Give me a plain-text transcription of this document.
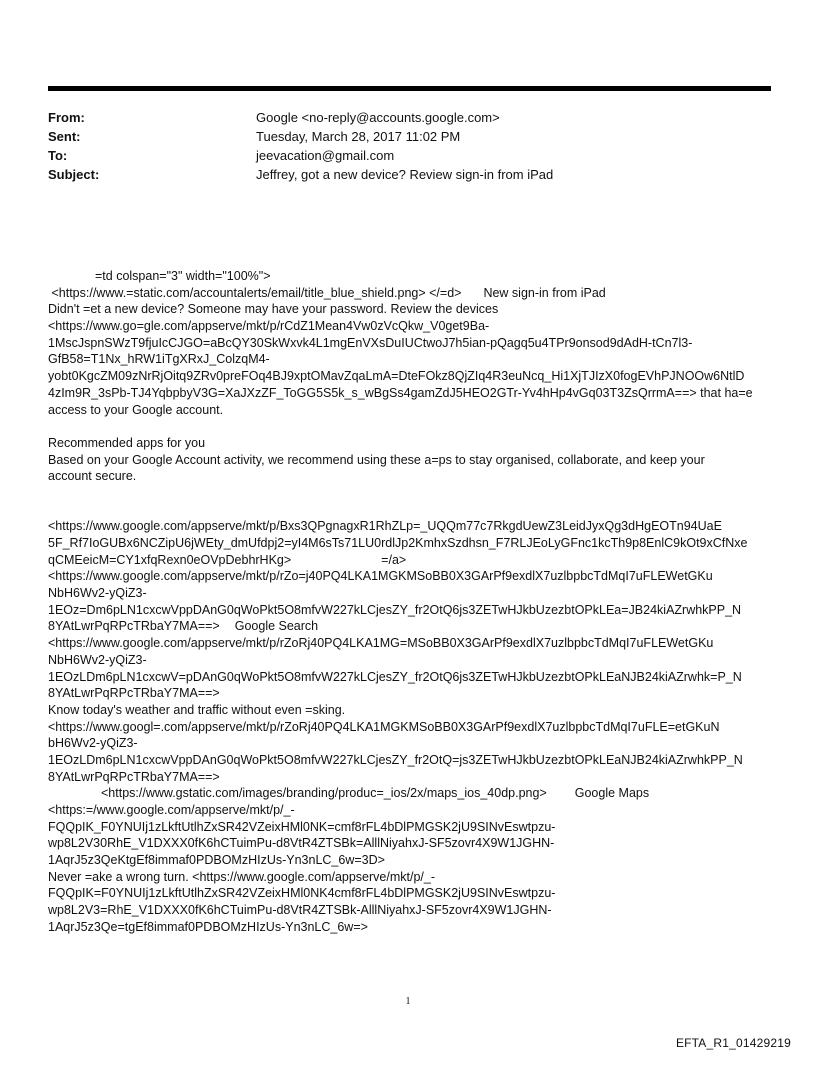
From:	Google <no-reply@accounts.google.com>
Sent:	Tuesday, March 28, 2017 11:02 PM
To:	jeevacation@gmail.com
Subject:	Jeffrey, got a new device? Review sign-in from iPad
=td colspan="3" width="100%">
<https://www.=static.com/accountalerts/email/title_blue_shield.png> </=d> New sign-in from iPad
Didn't =et a new device? Someone may have your password. Review the devices
<https://www.go=gle.com/appserve/mkt/p/rCdZ1Mean4Vw0zVcQkw_V0get9Ba-
1MscJspnSWzT9fjuIcCJGO=aBcQY30SkWxvk4L1mgEnVXsDuIUCtwoJ7h5ian-pQagq5u4TPr9onsod9dAdH-tCn7l3-
GfB58=T1Nx_hRW1iTgXRxJ_ColzqM4-
yobt0KgcZM09zNrRjOitq9ZRv0preFOq4BJ9xptOMavZqaLmA=DteFOkz8QjZIq4R3euNcq_Hi1XjTJIzX0fogEVhPJNOOw6NtlD
4zIm9R_3sPb-TJ4YqbpbyV3G=XaJXzZF_ToGG5S5k_s_wBgSs4gamZdJ5HEO2GTr-Yv4hHp4vGq03T3ZsQrrmA==> that ha=e
access to your Google account.
Recommended apps for you
Based on your Google Account activity, we recommend using these a=ps to stay organised, collaborate, and keep your
account secure.
<https://www.google.com/appserve/mkt/p/Bxs3QPgnagxR1RhZLp=_UQQm77c7RkgdUewZ3LeidJyxQg3dHgEOTn94UaE
5F_Rf7IoGUBx6NCZipU6jWEty_dmUfdpj2=yI4M6sTs71LU0rdlJp2KmhxSzdhsn_F7RLJEoLyGFnc1kcTh9p8EnlC9kOt9xCfNxe
qCMEeicM=CY1xfqRexn0eOVpDebhrHKg>	=/a>
<https://www.google.com/appserve/mkt/p/rZo=j40PQ4LKA1MGKMSoBB0X3GArPf9exdlX7uzlbpbcTdMqI7uFLEWetGKu
NbH6Wv2-yQiZ3-
1EOz=Dm6pLN1cxcwVppDAnG0qWoPkt5O8mfvW227kLCjesZY_fr2OtQ6js3ZETwHJkbUzezbtOPkLEa=JB24kiAZrwhkPP_N
8YAtLwrPqRPcTRbaY7MA==> Google Search
<https://www.google.com/appserve/mkt/p/rZoRj40PQ4LKA1MG=MSoBB0X3GArPf9exdlX7uzlbpbcTdMqI7uFLEWetGKu
NbH6Wv2-yQiZ3-
1EOzLDm6pLN1cxcwV=pDAnG0qWoPkt5O8mfvW227kLCjesZY_fr2OtQ6js3ZETwHJkbUzezbtOPkLEaNJB24kiAZrwhk=P_N
8YAtLwrPqRPcTRbaY7MA==>
Know today's weather and traffic without even =sking.
<https://www.googl=.com/appserve/mkt/p/rZoRj40PQ4LKA1MGKMSoBB0X3GArPf9exdlX7uzlbpbcTdMqI7uFLE=etGKuN
bH6Wv2-yQiZ3-
1EOzLDm6pLN1cxcwVppDAnG0qWoPkt5O8mfvW227kLCjesZY_fr2OtQ=js3ZETwHJkbUzezbtOPkLEaNJB24kiAZrwhkPP_N
8YAtLwrPqRPcTRbaY7MA==>
<https://www.gstatic.com/images/branding/produc=_ios/2x/maps_ios_40dp.png> Google Maps
<https:=/www.google.com/appserve/mkt/p/_-
FQQpIK_F0YNUIj1zLkftUtlhZxSR42VZeixHMl0NK=cmf8rFL4bDlPMGSK2jU9SINvEswtpzu-
wp8L2V30RhE_V1DXXX0fK6hCTuimPu-d8VtR4ZTSBk=AlllNiyahxJ-SF5zovr4X9W1JGHN-
1AqrJ5z3QeKtgEf8immaf0PDBOMzHIzUs-Yn3nLC_6w=3D>
Never =ake a wrong turn. <https://www.google.com/appserve/mkt/p/_-
FQQpIK=F0YNUIj1zLkftUtlhZxSR42VZeixHMl0NK4cmf8rFL4bDlPMGSK2jU9SINvEswtpzu-
wp8L2V3=RhE_V1DXXX0fK6hCTuimPu-d8VtR4ZTSBk-AlllNiyahxJ-SF5zovr4X9W1JGHN-
1AqrJ5z3Qe=tgEf8immaf0PDBOMzHIzUs-Yn3nLC_6w=>
1
EFTA_R1_01429219
